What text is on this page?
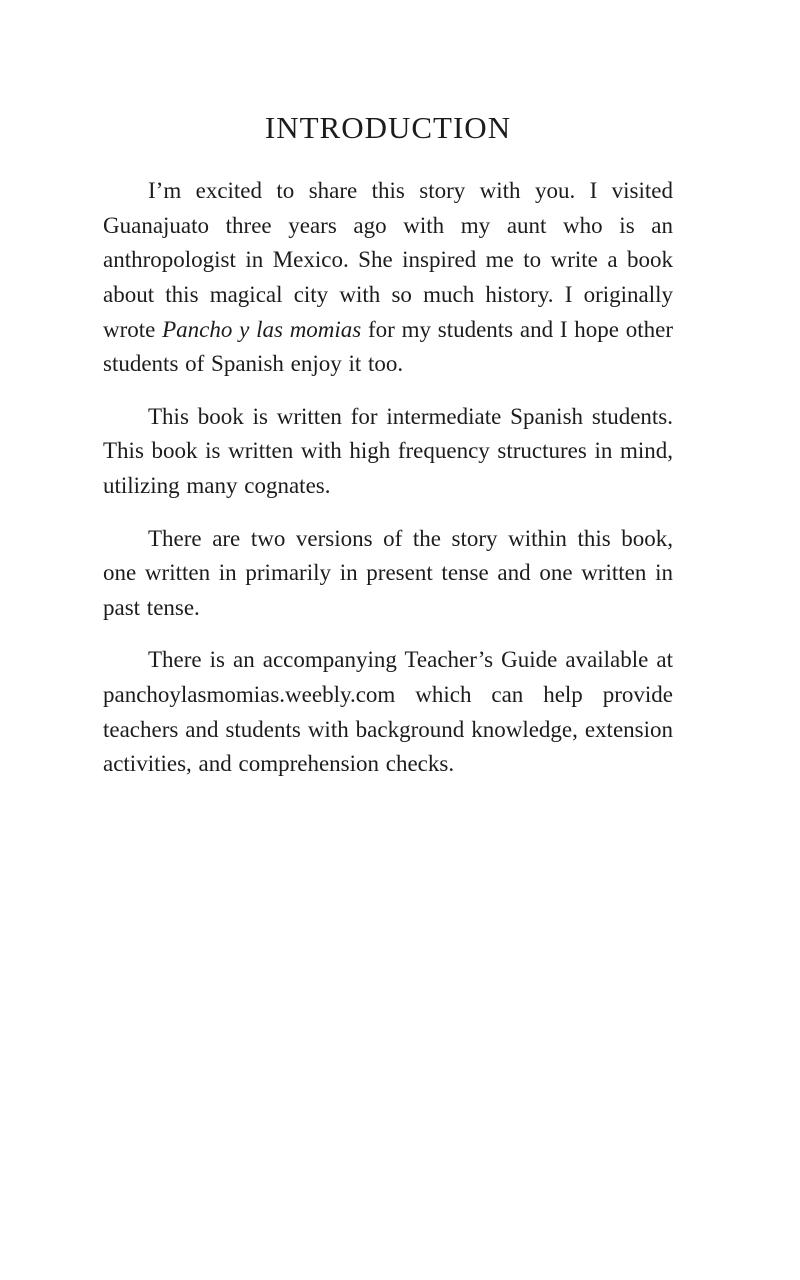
INTRODUCTION

I’m excited to share this story with you. I visited Guanajuato three years ago with my aunt who is an anthropologist in Mexico. She inspired me to write a book about this magical city with so much history. I originally wrote Pancho y las momias for my students and I hope other students of Spanish enjoy it too.

This book is written for intermediate Spanish students. This book is written with high frequency structures in mind, utilizing many cognates.

There are two versions of the story within this book, one written in primarily in present tense and one written in past tense.

There is an accompanying Teacher’s Guide available at panchoylasmomias.weebly.com which can help provide teachers and students with background knowledge, extension activities, and comprehension checks.
